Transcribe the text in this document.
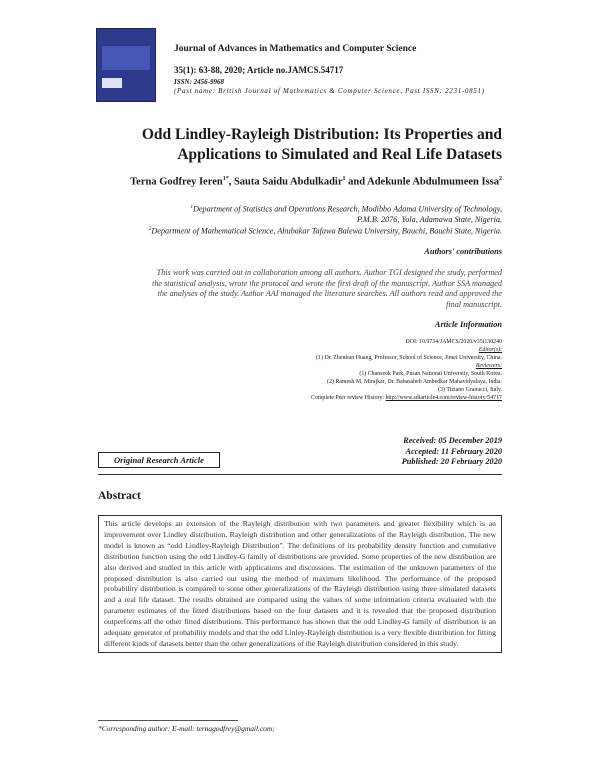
Journal of Advances in Mathematics and Computer Science
35(1): 63-88, 2020; Article no.JAMCS.54717
ISSN: 2456-9968
(Past name: British Journal of Mathematics & Computer Science, Past ISSN: 2231-0851)
Odd Lindley-Rayleigh Distribution: Its Properties and
Applications to Simulated and Real Life Datasets
Terna Godfrey Ieren$^{1*}$, Sauta Saidu Abdulkadir$^1$ and Adekunle Abdulmumeen Issa$^2$
$^1$Department of Statistics and Operations Research, Modibbo Adama University of Technology,
P.M.B. 2076, Yola, Adamawa State, Nigeria.
$^2$Department of Mathematical Science, Abubakar Tafawa Balewa University, Bauchi, Bauchi State, Nigeria.
Authors' contributions
This work was carried out in collaboration among all authors. Author TGI designed the study, performed
the statistical analysis, wrote the protocol and wrote the first draft of the manuscript. Author SSA managed
the analyses of the study. Author AAI managed the literature searches. All authors read and approved the
final manuscript.
Article Information
DOI: 10.9734/JAMCS/2020/v35i130240
Editor(s):
(1) Dr. Zhenkun Huang, Professor, School of Science, Jimei University, China.
Reviewers:
(1) Chanseok Park, Pusan National University, South Korea.
(2) Ramesh M. Mirajkar, Dr. Babasaheb Ambedkar Mahavidyalaya, India.
(3) Tiziano Granucci, Italy.
Complete Peer review History: http://www.sdiarticle4.com/review-history/54717
Received: 05 December 2019
Accepted: 11 February 2020
Published: 20 February 2020
Original Research Article
Abstract
This article develops an extension of the Rayleigh distribution with two parameters and greater flexibility which is an improvement over Lindley distribution, Rayleigh distribution and other generalizations of the Rayleigh distribution. The new model is known as “odd Lindley-Rayleigh Distribution”. The definitions of its probability density function and cumulative distribution function using the odd Lindley-G family of distributions are provided. Some properties of the new distribution are also derived and studied in this article with applications and discussions. The estimation of the unknown parameters of the proposed distribution is also carried out using the method of maximum likelihood. The performance of the proposed probability distribution is compared to some other generalizations of the Rayleigh distribution using three simulated datasets and a real life dataset. The results obtained are compared using the values of some information criteria evaluated with the parameter estimates of the fitted distributions based on the four datasets and it is revealed that the proposed distribution outperforms all the other fitted distributions. This performance has shown that the odd Lindley-G family of distribution is an adequate generator of probability models and that the odd Linley-Rayleigh distribution is a very flexible distribution for fitting different kinds of datasets better than the other generalizations of the Rayleigh distribution considered in this study.
*Corresponding author: E-mail: ternagodfrey@gmail.com;
